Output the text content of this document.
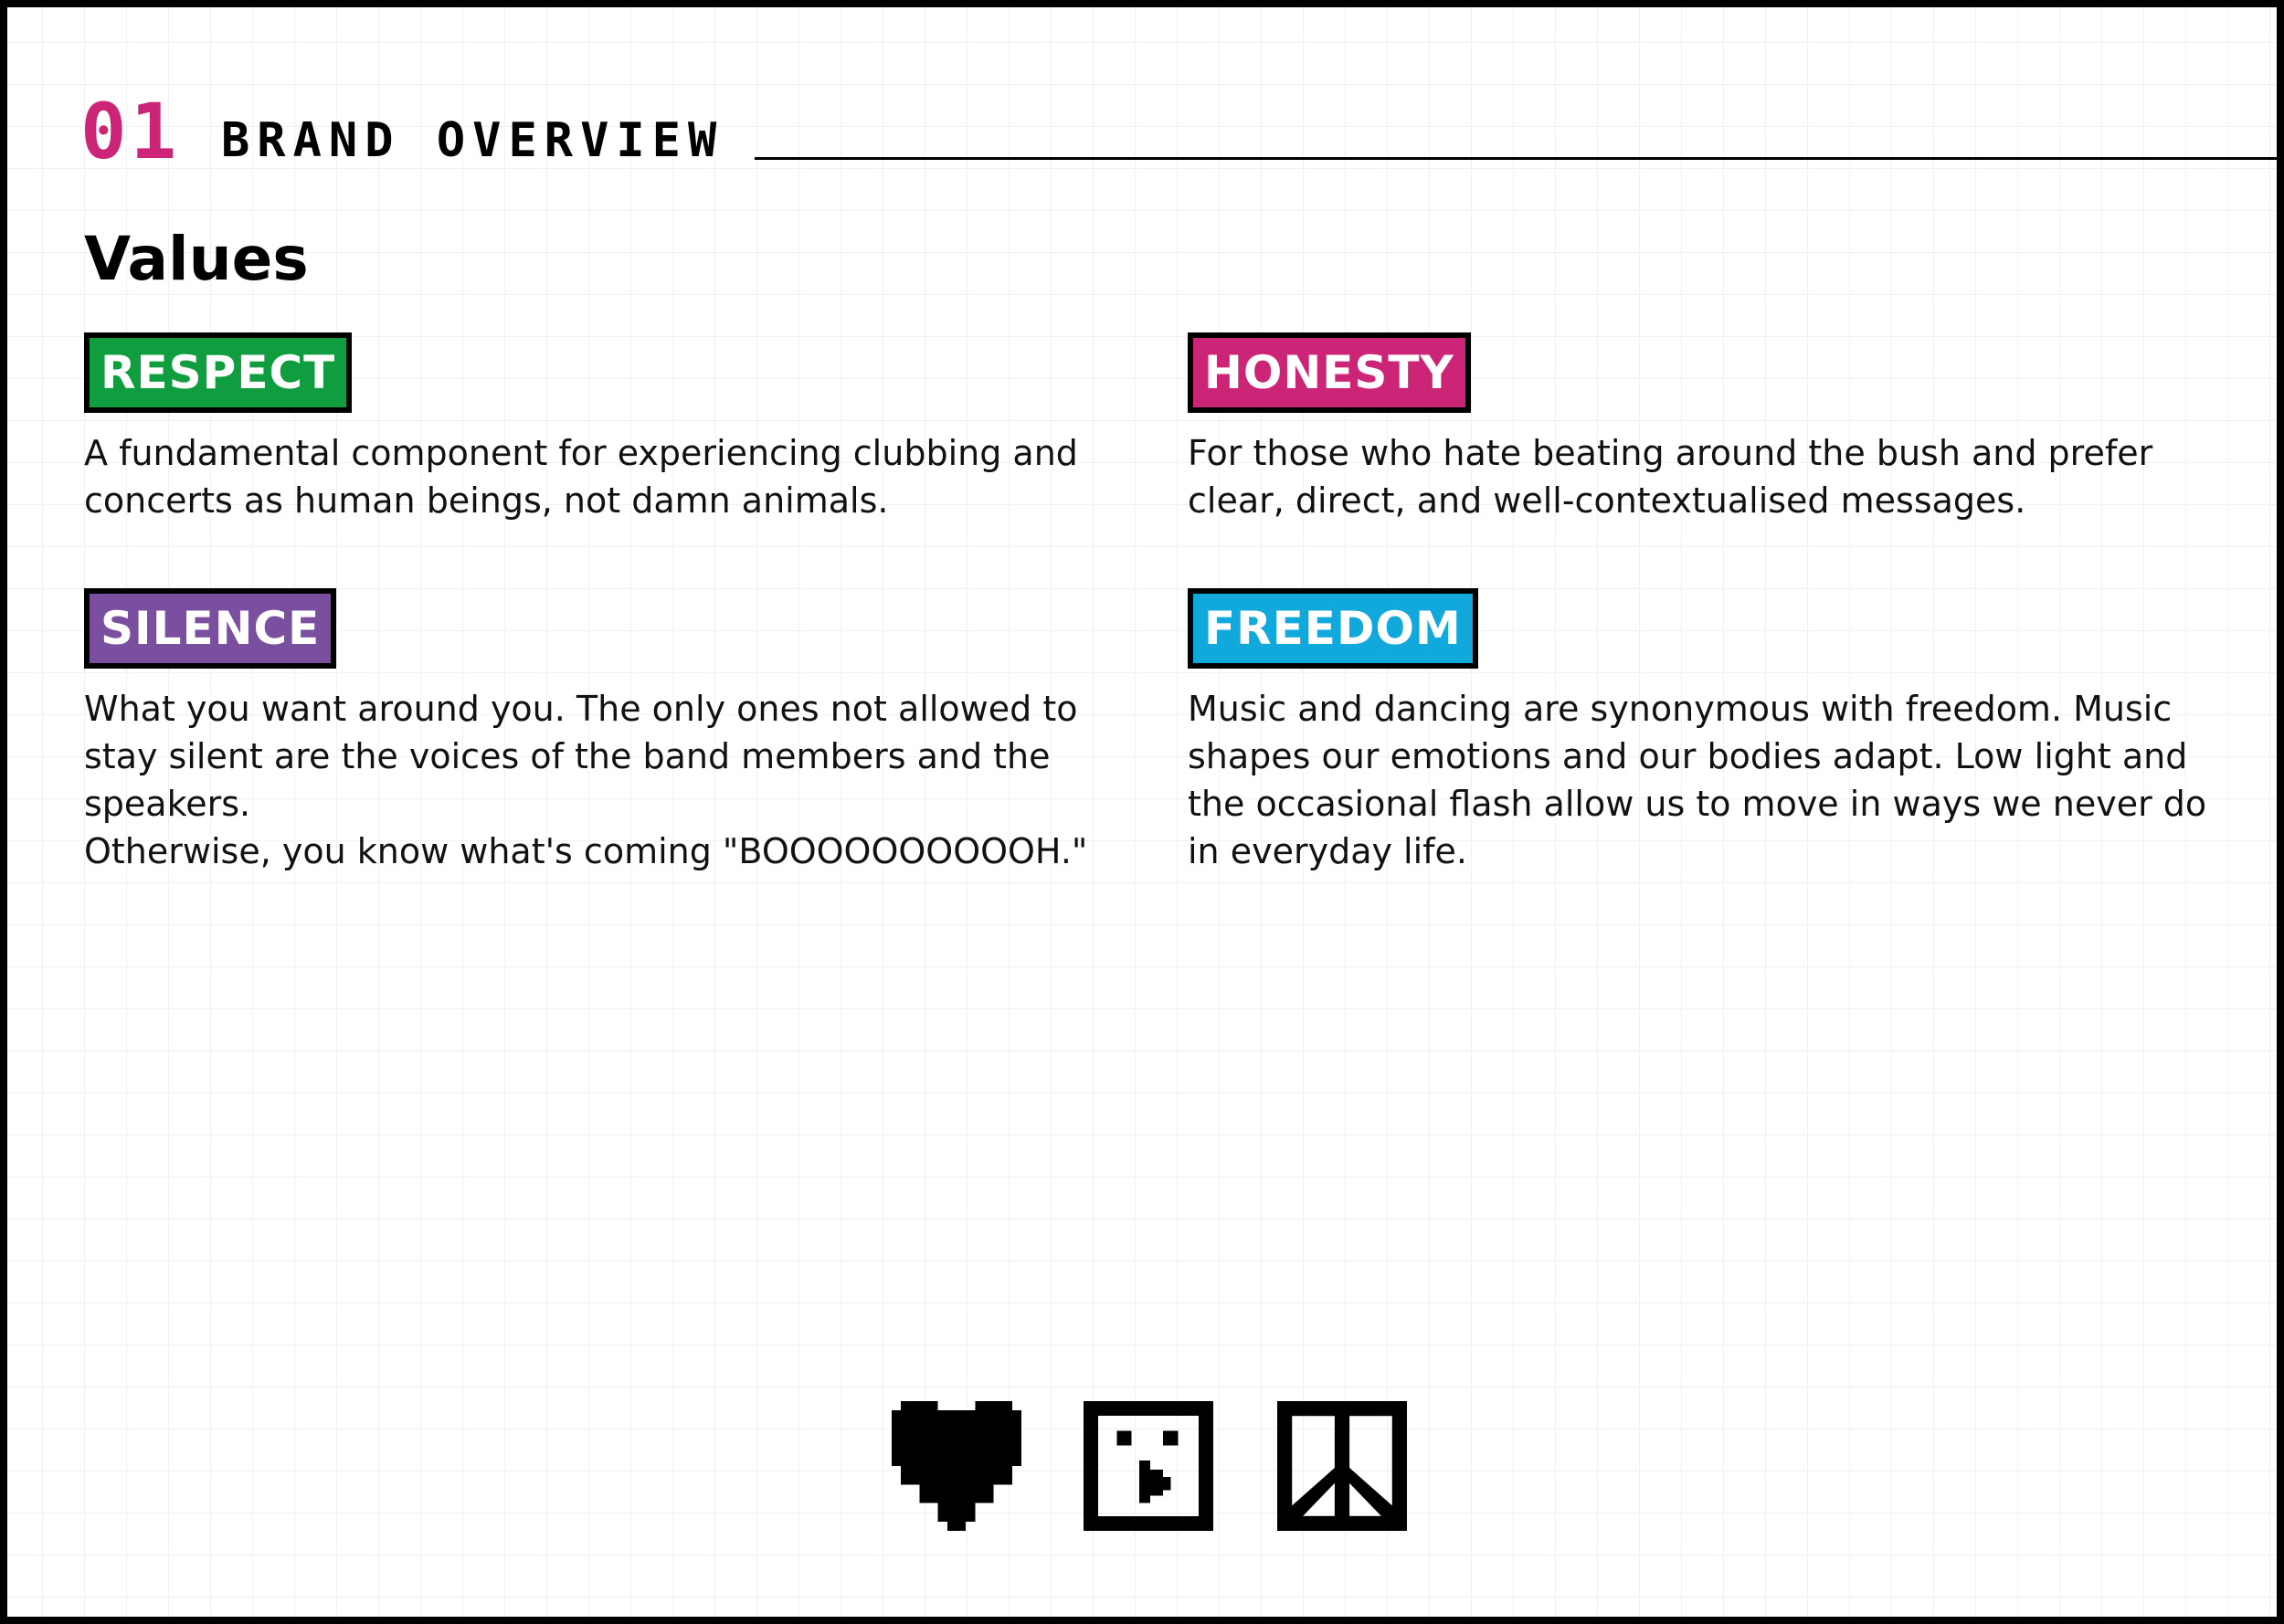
01 BRAND OVERVIEW
Values
RESPECT
A fundamental component for experiencing clubbing and
concerts as human beings, not damn animals.
HONESTY
For those who hate beating around the bush and prefer
clear, direct, and well-contextualised messages.
SILENCE
What you want around you. The only ones not allowed to
stay silent are the voices of the band members and the
speakers.
Otherwise, you know what's coming "BOOOOOOOOOOH."
FREEDOM
Music and dancing are synonymous with freedom. Music
shapes our emotions and our bodies adapt. Low light and
the occasional flash allow us to move in ways we never do
in everyday life.
